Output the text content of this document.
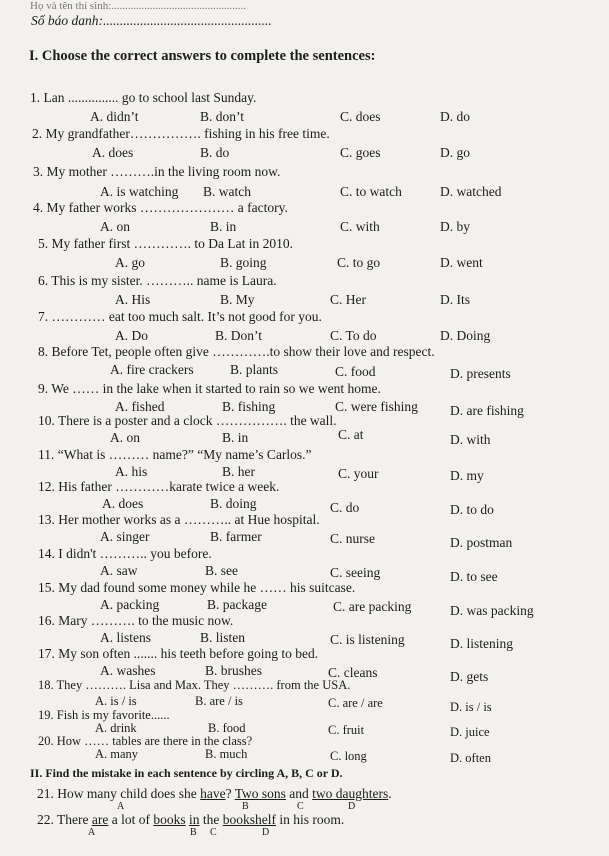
Họ và tên thí sinh:.................................................
Số báo danh:..................................................
I. Choose the correct answers to complete the sentences:
1. Lan ............... go to school last Sunday.
A. didn’t	B. don’t	C. does	D. do
2. My grandfather……………. fishing in his free time.
A. does	B. do	C. goes	D. go
3. My mother ……….in the living room now.
A. is watching B. watch	C. to watch	D. watched
4. My father works ………………… a factory.
A. on	B. in	C. with	D. by
5. My father first …………. to Da Lat in 2010.
A. go	B. going	C. to go	D. went
6. This is my sister. ……….. name is Laura.
A. His	B. My	C. Her	D. Its
7. ………… eat too much salt. It’s not good for you.
A. Do	B. Don’t	C. To do	D. Doing
8. Before Tet, people often give ………….to show their love and respect.
A. fire crackers	B. plants	C. food	D. presents
9. We …… in the lake when it started to rain so we went home.
A. fished	B. fishing	C. were fishing D. are fishing
10. There is a poster and a clock ……………. the wall.
A. on	B. in	C. at	D. with
11. “What is ……… name?” “My name’s Carlos.”
A. his	B. her	C. your	D. my
12. His father …………karate twice a week.
A. does	B. doing	C. do	D. to do
13. Her mother works as a ……….. at Hue hospital.
A. singer	B. farmer	C. nurse	D. postman
14. I didn't ……….. you before.
A. saw	B. see	C. seeing	D. to see
15. My dad found some money while he …… his suitcase.
A. packing	B. package	C. are packing	D. was packing
16. Mary ………. to the music now.
A. listens	B. listen	C. is listening	D. listening
17. My son often ....... his teeth before going to bed.
A. washes	B. brushes	C. cleans	D. gets
18. They ………. Lisa and Max. They ………. from the USA.
A. is / is	B. are / is	C. are / are	D. is / is
19. Fish is my favorite......
A. drink	B. food	C. fruit	D. juice
20. How …… tables are there in the class?
A. many	B. much	C. long	D. often
II. Find the mistake in each sentence by circling A, B, C or D.
21. How many child does she have? Two sons and two daughters.
A	B	C	D
22. There are a lot of books in the bookshelf in his room.
A	B C	D
